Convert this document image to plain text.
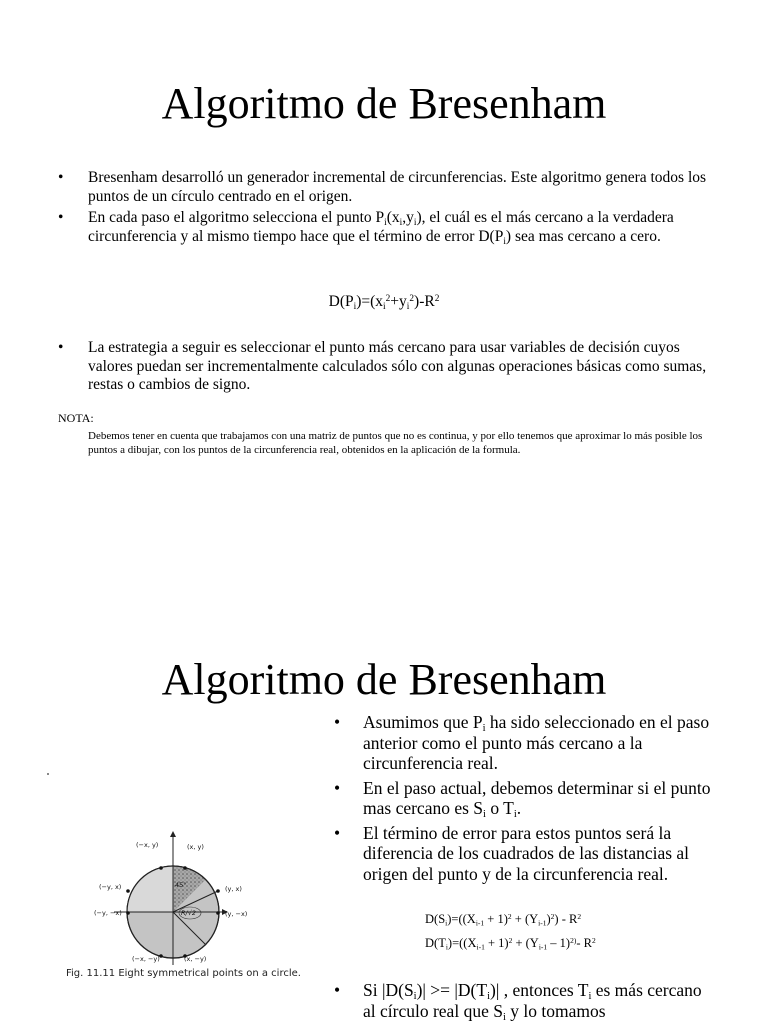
Algoritmo de Bresenham
• Bresenham desarrolló un generador incremental de circunferencias. Este algoritmo genera todos los puntos de un círculo centrado en el origen.
• En cada paso el algoritmo selecciona el punto $P_i(x_i,y_i)$, el cuál es el más cercano a la verdadera circunferencia y al mismo tiempo hace que el término de error $D(P_i)$ sea mas cercano a cero.
$D(P_i)=(x_i^2+y_i^2)-R^2$
• La estrategia a seguir es seleccionar el punto más cercano para usar variables de decisión cuyos valores puedan ser incrementalmente calculados sólo con algunas operaciones básicas como sumas, restas o cambios de signo.
NOTA:
Debemos tener en cuenta que trabajamos con una matriz de puntos que no es continua, y por ello tenemos que aproximar lo más posible los puntos a dibujar, con los puntos de la circunferencia real, obtenidos en la aplicación de la formula.
Algoritmo de Bresenham
• Asumimos que $P_i$ ha sido seleccionado en el paso anterior como el punto más cercano a la circunferencia real.
• En el paso actual, debemos determinar si el punto mas cercano es $S_i$ o $T_i$.
• El término de error para estos puntos será la diferencia de los cuadrados de las distancias al origen del punto y de la circunferencia real.
$D(S_i)=((X_{i-1} + 1)^2 + (Y_{i-1})^2) - R^2$
$D(T_i)=((X_{i-1} + 1)^2 + (Y_{i-1} - 1)^{2)}-$ $R^2$
• Si $|D(S_i)| >= |D(T_i)|$ , entonces $T_i$ es más cercano al círculo real que $S_i$ y lo tomamos
(−x, y)	(x, y)
(−y, x)	(y, x)
(−y, −x)	(y, −x)
(−x, −y)	(x, −y)
45°
R/√2
Fig. 11.11 Eight symmetrical points on a circle.
